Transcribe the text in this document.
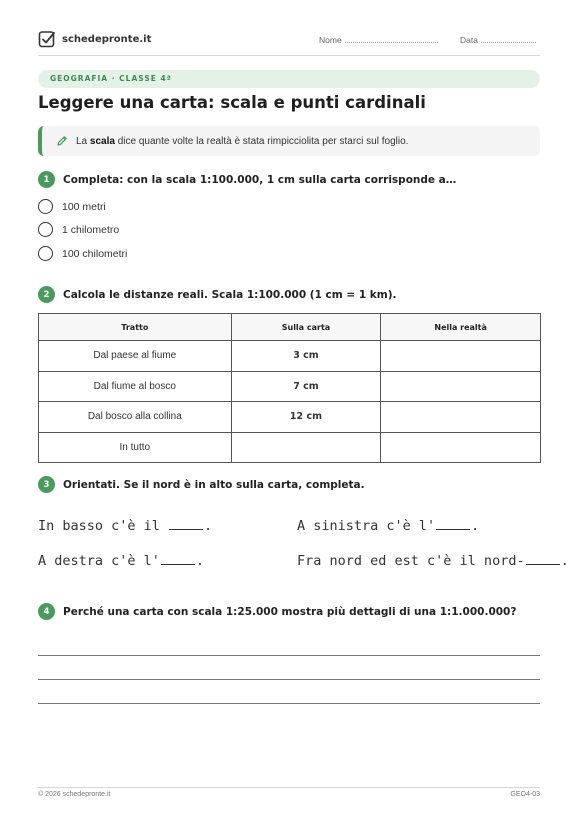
schedepronte.it	Nome	Data
GEOGRAFIA · CLASSE 4ª
Leggere una carta: scala e punti cardinali
La scala dice quante volte la realtà è stata rimpicciolita per starci sul foglio.
1	Completa: con la scala 1:100.000, 1 cm sulla carta corrisponde a…
100 metri
1 chilometro
100 chilometri
2	Calcola le distanze reali. Scala 1:100.000 (1 cm = 1 km).
Tratto	Sulla carta	Nella realtà
Dal paese al fiume	3 cm	
Dal fiume al bosco	7 cm	
Dal bosco alla collina	12 cm	
In tutto		
3	Orientati. Se il nord è in alto sulla carta, completa.
In basso c'è il	.	A sinistra c'è l'	.
A destra c'è l'	.	Fra nord ed est c'è il nord-	.
4	Perché una carta con scala 1:25.000 mostra più dettagli di una 1:1.000.000?
© 2026 schedepronte.it	GEO4-03
